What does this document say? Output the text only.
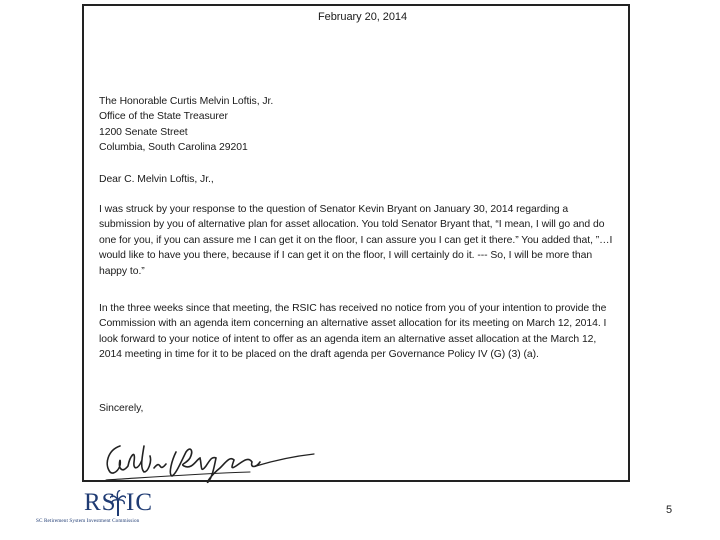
February 20, 2014
The Honorable Curtis Melvin Loftis, Jr.
Office of the State Treasurer
1200 Senate Street
Columbia, South Carolina 29201
Dear C. Melvin Loftis, Jr.,

I was struck by your response to the question of Senator Kevin Bryant on January 30, 2014 regarding a submission by you of alternative plan for asset allocation. You told Senator Bryant that, “I mean, I will go and do one for you, if you can assure me I can get it on the floor, I can assure you I can get it there.” You added that, ”…I would like to have you there, because if I can get it on the floor, I will certainly do it. --- So, I will be more than happy to.”

In the three weeks since that meeting, the RSIC has received no notice from you of your intention to provide the Commission with an agenda item concerning an alternative asset allocation for its meeting on March 12, 2014. I look forward to your notice of intent to offer as an agenda item an alternative asset allocation at the March 12, 2014 meeting in time for it to be placed on the draft agenda per Governance Policy IV (G) (3) (a).

Sincerely,
RS IC
SC Retirement System Investment Commission
5
